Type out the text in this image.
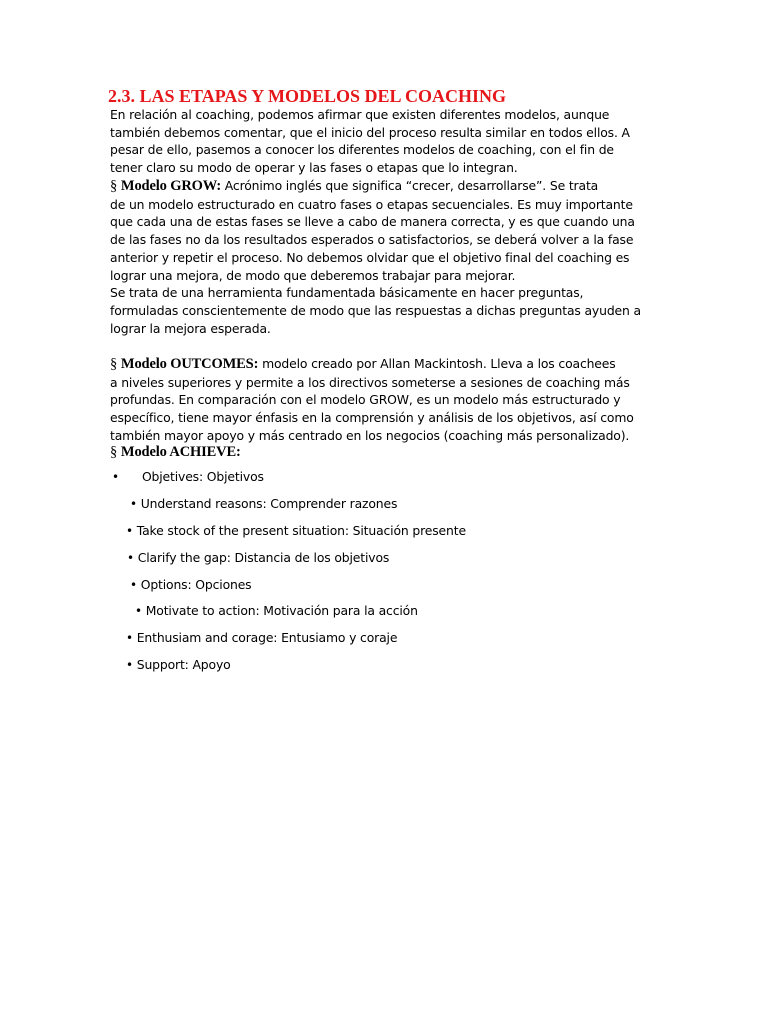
2.3. LAS ETAPAS Y MODELOS DEL COACHING

En relación al coaching, podemos afirmar que existen diferentes modelos, aunque
también debemos comentar, que el inicio del proceso resulta similar en todos ellos. A
pesar de ello, pasemos a conocer los diferentes modelos de coaching, con el fin de
tener claro su modo de operar y las fases o etapas que lo integran.

§ Modelo GROW: Acrónimo inglés que significa “crecer, desarrollarse”. Se trata
de un modelo estructurado en cuatro fases o etapas secuenciales. Es muy importante
que cada una de estas fases se lleve a cabo de manera correcta, y es que cuando una
de las fases no da los resultados esperados o satisfactorios, se deberá volver a la fase
anterior y repetir el proceso. No debemos olvidar que el objetivo final del coaching es
lograr una mejora, de modo que deberemos trabajar para mejorar.
Se trata de una herramienta fundamentada básicamente en hacer preguntas,
formuladas conscientemente de modo que las respuestas a dichas preguntas ayuden a
lograr la mejora esperada.

§ Modelo OUTCOMES: modelo creado por Allan Mackintosh. Lleva a los coachees
a niveles superiores y permite a los directivos someterse a sesiones de coaching más
profundas. En comparación con el modelo GROW, es un modelo más estructurado y
específico, tiene mayor énfasis en la comprensión y análisis de los objetivos, así como
también mayor apoyo y más centrado en los negocios (coaching más personalizado).

§ Modelo ACHIEVE:

• Objetives: Objetivos
• Understand reasons: Comprender razones
• Take stock of the present situation: Situación presente
• Clarify the gap: Distancia de los objetivos
• Options: Opciones
• Motivate to action: Motivación para la acción
• Enthusiam and corage: Entusiamo y coraje
• Support: Apoyo
